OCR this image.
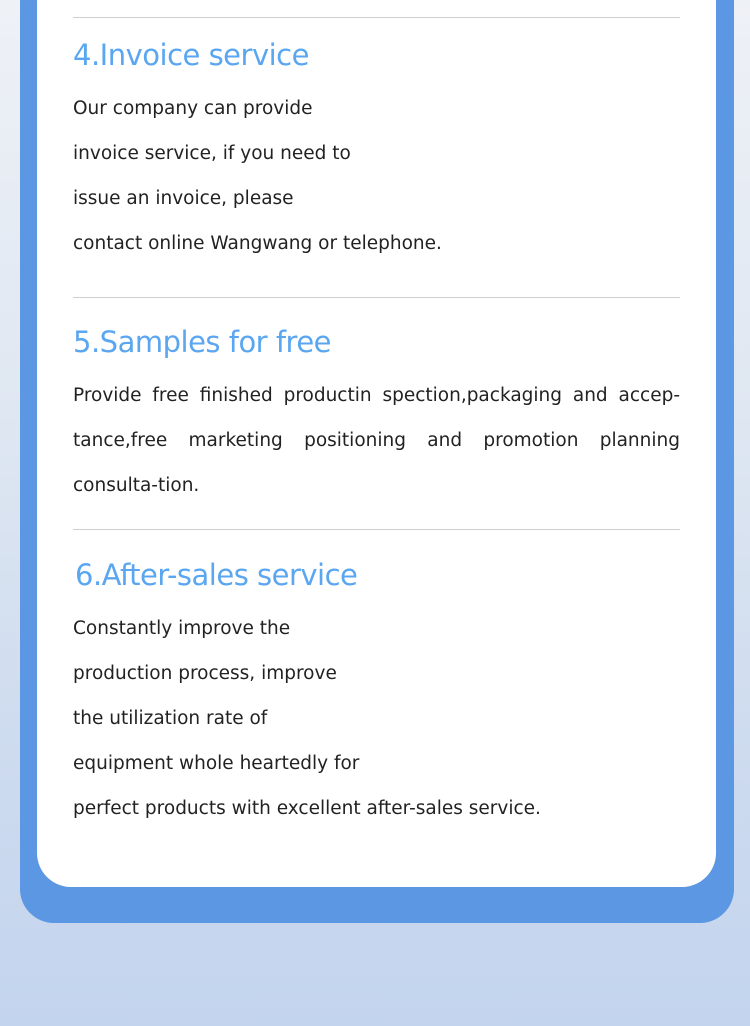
4.Invoice service
Our company can provide
invoice service, if you need to
issue an invoice, please
contact online Wangwang or telephone.
5.Samples for free

Provide free finished productin spection,packaging and accep-tance,free marketing positioning and promotion planning consulta-tion.

6.After-sales service
Constantly improve the
production process, improve
the utilization rate of
equipment whole heartedly for
perfect products with excellent after-sales service.
